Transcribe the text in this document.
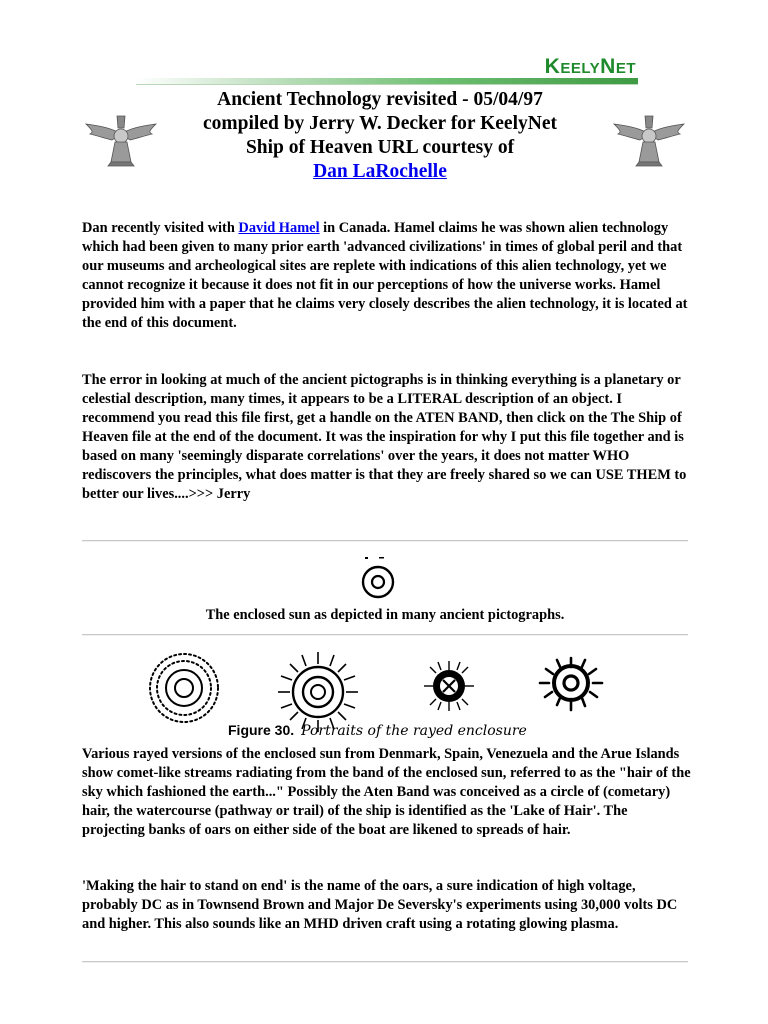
KEELYNET
Ancient Technology revisited - 05/04/97
compiled by Jerry W. Decker for KeelyNet
Ship of Heaven URL courtesy of
Dan LaRochelle
Dan recently visited with David Hamel in Canada. Hamel claims he was shown alien technology which had been given to many prior earth 'advanced civilizations' in times of global peril and that our museums and archeological sites are replete with indications of this alien technology, yet we cannot recognize it because it does not fit in our perceptions of how the universe works. Hamel provided him with a paper that he claims very closely describes the alien technology, it is located at the end of this document.
The error in looking at much of the ancient pictographs is in thinking everything is a planetary or celestial description, many times, it appears to be a LITERAL description of an object. I recommend you read this file first, get a handle on the ATEN BAND, then click on the The Ship of Heaven file at the end of the document. It was the inspiration for why I put this file together and is based on many 'seemingly disparate correlations' over the years, it does not matter WHO rediscovers the principles, what does matter is that they are freely shared so we can USE THEM to better our lives....>>> Jerry
The enclosed sun as depicted in many ancient pictographs.
Figure 30. Portraits of the rayed enclosure
Various rayed versions of the enclosed sun from Denmark, Spain, Venezuela and the Arue Islands show comet-like streams radiating from the band of the enclosed sun, referred to as the "hair of the sky which fashioned the earth..." Possibly the Aten Band was conceived as a circle of (cometary) hair, the watercourse (pathway or trail) of the ship is identified as the 'Lake of Hair'. The projecting banks of oars on either side of the boat are likened to spreads of hair.
'Making the hair to stand on end' is the name of the oars, a sure indication of high voltage, probably DC as in Townsend Brown and Major De Seversky's experiments using 30,000 volts DC and higher. This also sounds like an MHD driven craft using a rotating glowing plasma.
